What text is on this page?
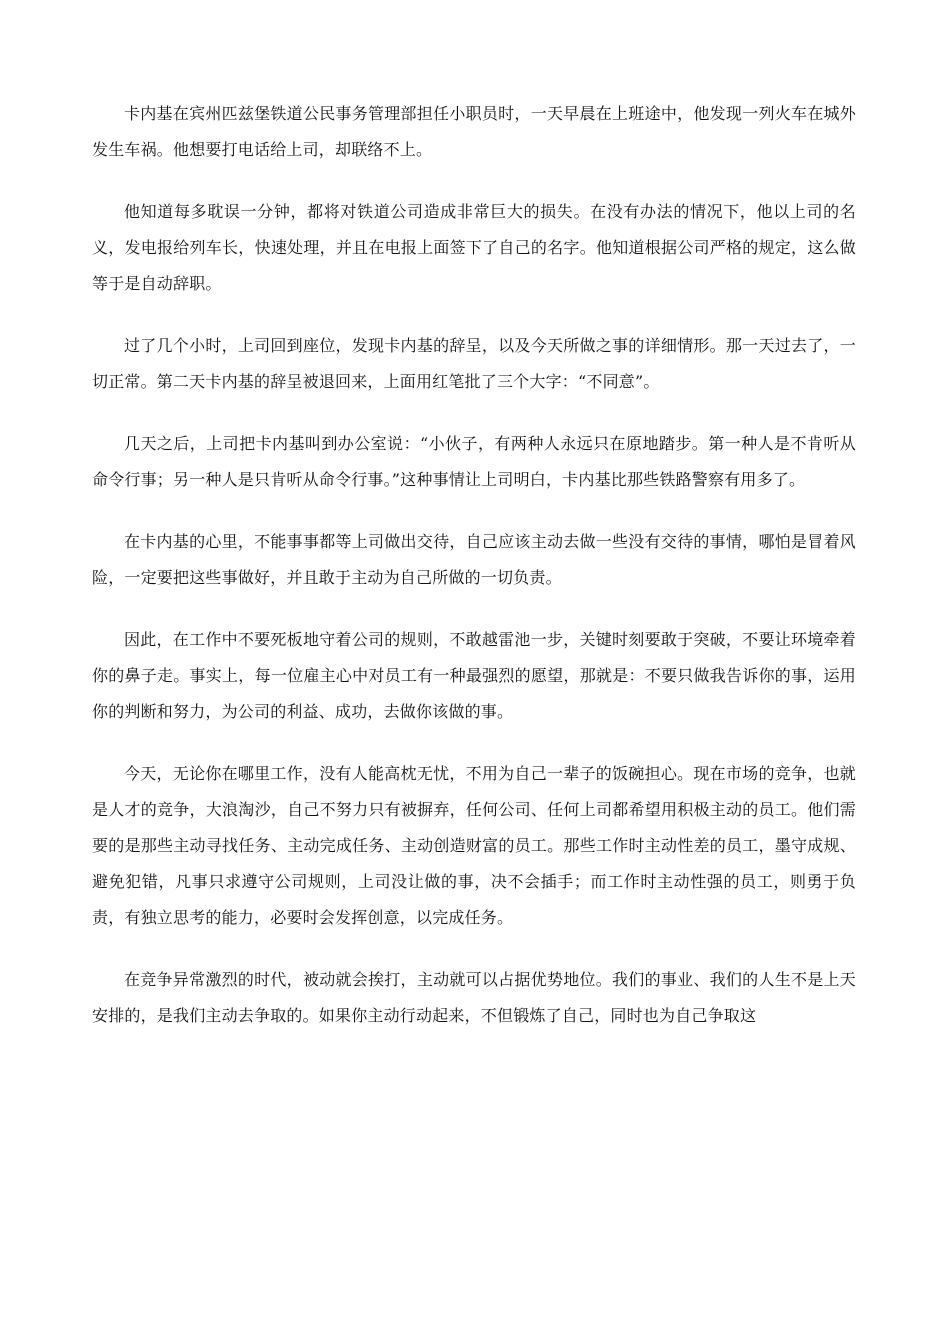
卡内基在宾州匹兹堡铁道公民事务管理部担任小职员时，一天早晨在上班途中，他发现一列火车在城外发生车祸。他想要打电话给上司，却联络不上。

他知道每多耽误一分钟，都将对铁道公司造成非常巨大的损失。在没有办法的情况下，他以上司的名义，发电报给列车长，快速处理，并且在电报上面签下了自己的名字。他知道根据公司严格的规定，这么做等于是自动辞职。

过了几个小时，上司回到座位，发现卡内基的辞呈，以及今天所做之事的详细情形。那一天过去了，一切正常。第二天卡内基的辞呈被退回来，上面用红笔批了三个大字：“不同意”。

几天之后，上司把卡内基叫到办公室说：“小伙子，有两种人永远只在原地踏步。第一种人是不肯听从命令行事；另一种人是只肯听从命令行事。”这种事情让上司明白，卡内基比那些铁路警察有用多了。

在卡内基的心里，不能事事都等上司做出交待，自己应该主动去做一些没有交待的事情，哪怕是冒着风险，一定要把这些事做好，并且敢于主动为自己所做的一切负责。

因此，在工作中不要死板地守着公司的规则，不敢越雷池一步，关键时刻要敢于突破，不要让环境牵着你的鼻子走。事实上，每一位雇主心中对员工有一种最强烈的愿望，那就是：不要只做我告诉你的事，运用你的判断和努力，为公司的利益、成功，去做你该做的事。

今天，无论你在哪里工作，没有人能高枕无忧，不用为自己一辈子的饭碗担心。现在市场的竞争，也就是人才的竞争，大浪淘沙，自己不努力只有被摒弃，任何公司、任何上司都希望用积极主动的员工。他们需要的是那些主动寻找任务、主动完成任务、主动创造财富的员工。那些工作时主动性差的员工，墨守成规、避免犯错，凡事只求遵守公司规则，上司没让做的事，决不会插手；而工作时主动性强的员工，则勇于负责，有独立思考的能力，必要时会发挥创意，以完成任务。

在竞争异常激烈的时代，被动就会挨打，主动就可以占据优势地位。我们的事业、我们的人生不是上天安排的，是我们主动去争取的。如果你主动行动起来，不但锻炼了自己，同时也为自己争取这
